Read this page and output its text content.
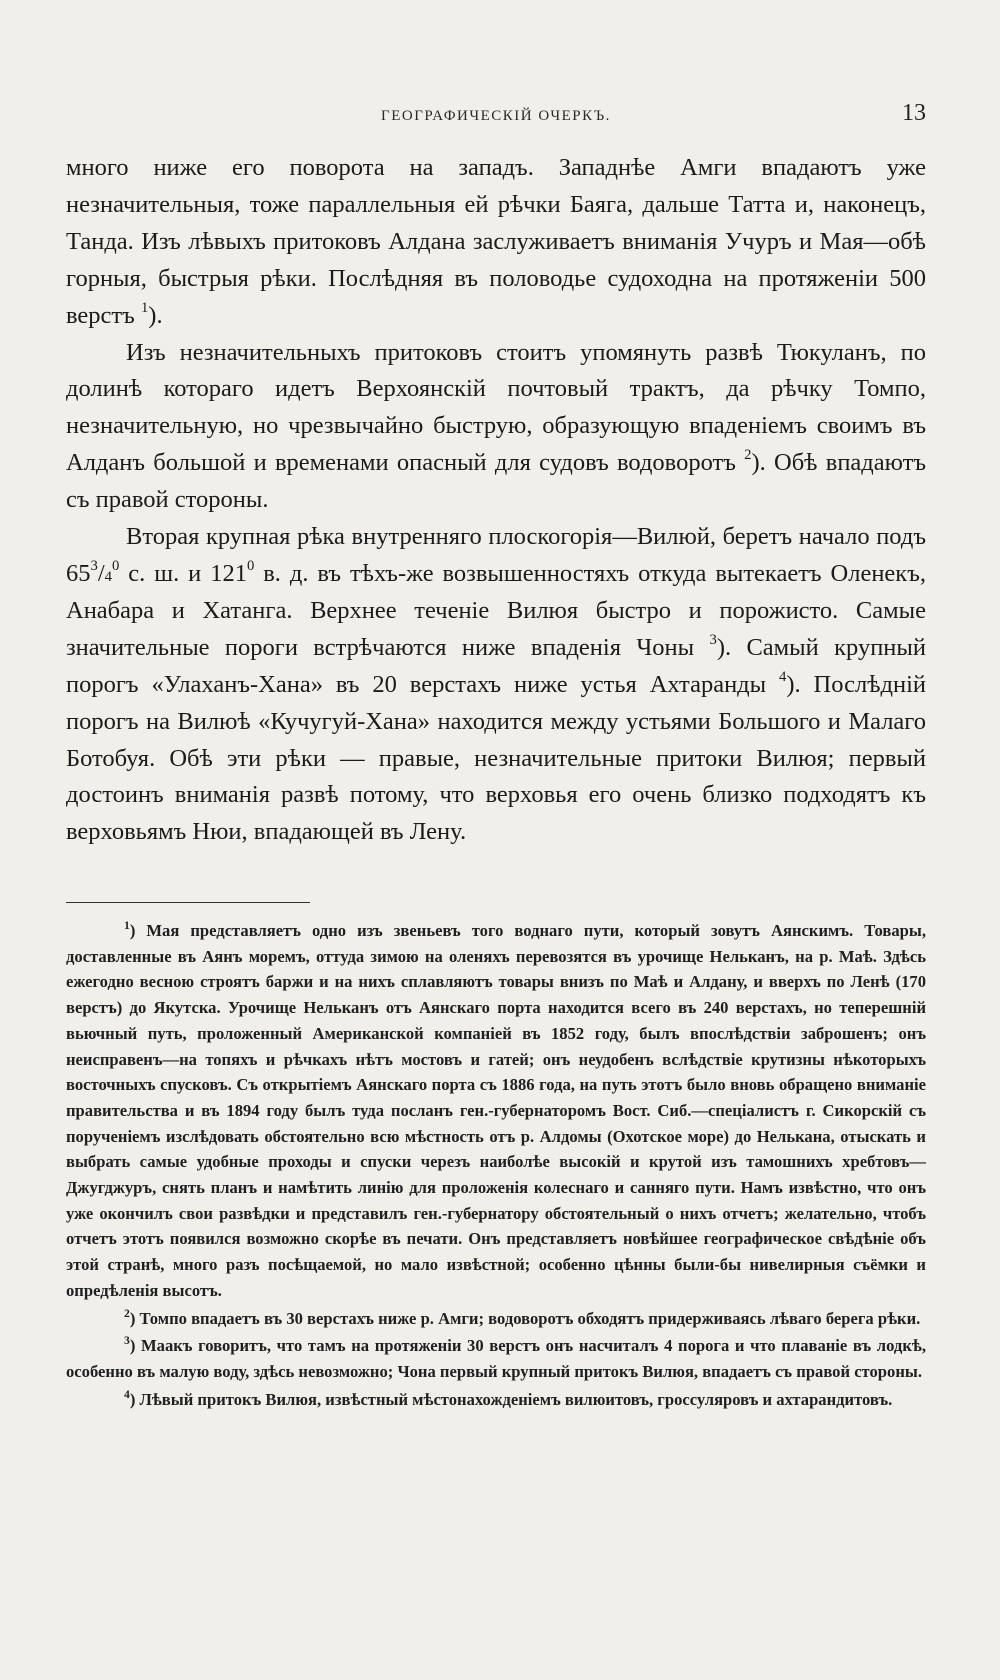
ГЕОГРАФИЧЕСКІЙ ОЧЕРКЪ.	13

много ниже его поворота на западъ. Западнѣе Амги впадаютъ уже незначительныя, тоже параллельныя ей рѣчки Баяга, дальше Татта и, наконецъ, Танда. Изъ лѣвыхъ притоковъ Алдана заслуживаетъ вниманія Учуръ и Мая—обѣ горныя, быстрыя рѣки. Послѣдняя въ половодье судоходна на протяженіи 500 верстъ $^1$).

Изъ незначительныхъ притоковъ стоитъ упомянуть развѣ Тюкуланъ, по долинѣ котораго идетъ Верхоянскій почтовый трактъ, да рѣчку Томпо, незначительную, но чрезвычайно быструю, образующую впаденіемъ своимъ въ Алданъ большой и временами опасный для судовъ водоворотъ $^2$). Обѣ впадаютъ съ правой стороны.

Вторая крупная рѣка внутренняго плоскогорія—Вилюй, беретъ начало подъ $65^3/4^0$ с. ш. и $121^0$ в. д. въ тѣхъ-же возвышенностяхъ откуда вытекаетъ Оленекъ, Анабара и Хатанга. Верхнее теченіе Вилюя быстро и порожисто. Самые значительные пороги встрѣчаются ниже впаденія Чоны $^3$). Самый крупный порогъ «Улаханъ-Хана» въ 20 верстахъ ниже устья Ахтаранды $^4$). Послѣдній порогъ на Вилюѣ «Кучугуй-Хана» находится между устьями Большого и Малаго Ботобуя. Обѣ эти рѣки — правые, незначительные притоки Вилюя; первый достоинъ вниманія развѣ потому, что верховья его очень близко подходятъ къ верховьямъ Нюи, впадающей въ Лену.

$^1$) Мая представляетъ одно изъ звеньевъ того воднаго пути, который зовутъ Аянскимъ. Товары, доставленные въ Аянъ моремъ, оттуда зимою на оленяхъ перевозятся въ урочище Нельканъ, на р. Маѣ. Здѣсь ежегодно весною строятъ баржи и на нихъ сплавляютъ товары внизъ по Маѣ и Алдану, и вверхъ по Ленѣ (170 верстъ) до Якутска. Урочище Нельканъ отъ Аянскаго порта находится всего въ 240 верстахъ, но теперешній вьючный путь, проложенный Американской компаніей въ 1852 году, былъ впослѣдствіи заброшенъ; онъ неисправенъ—на топяхъ и рѣчкахъ нѣтъ мостовъ и гатей; онъ неудобенъ вслѣдствіе крутизны нѣкоторыхъ восточныхъ спусковъ. Съ открытіемъ Аянскаго порта съ 1886 года, на путь этотъ было вновь обращено вниманіе правительства и въ 1894 году былъ туда посланъ ген.-губернаторомъ Вост. Сиб.—спеціалистъ г. Сикорскій съ порученіемъ изслѣдовать обстоятельно всю мѣстность отъ р. Алдомы (Охотское море) до Нелькана, отыскать и выбрать самые удобные проходы и спуски черезъ наиболѣе высокій и крутой изъ тамошнихъ хребтовъ—Джугджуръ, снять планъ и намѣтить линію для проложенія колеснаго и санняго пути. Намъ извѣстно, что онъ уже окончилъ свои развѣдки и представилъ ген.-губернатору обстоятельный о нихъ отчетъ; желательно, чтобъ отчетъ этотъ появился возможно скорѣе въ печати. Онъ представляетъ новѣйшее географическое свѣдѣніе объ этой странѣ, много разъ посѣщаемой, но мало извѣстной; особенно цѣнны были-бы нивелирныя съёмки и опредѣленія высотъ.

$^2$) Томпо впадаетъ въ 30 верстахъ ниже р. Амги; водоворотъ обходятъ придерживаясь лѣваго берега рѣки.

$^3$) Маакъ говоритъ, что тамъ на протяженіи 30 верстъ онъ насчиталъ 4 порога и что плаваніе въ лодкѣ, особенно въ малую воду, здѣсь невозможно; Чона первый крупный притокъ Вилюя, впадаетъ съ правой стороны.

$^4$) Лѣвый притокъ Вилюя, извѣстный мѣстонахожденіемъ вилюитовъ, гроссуляровъ и ахтарандитовъ.
